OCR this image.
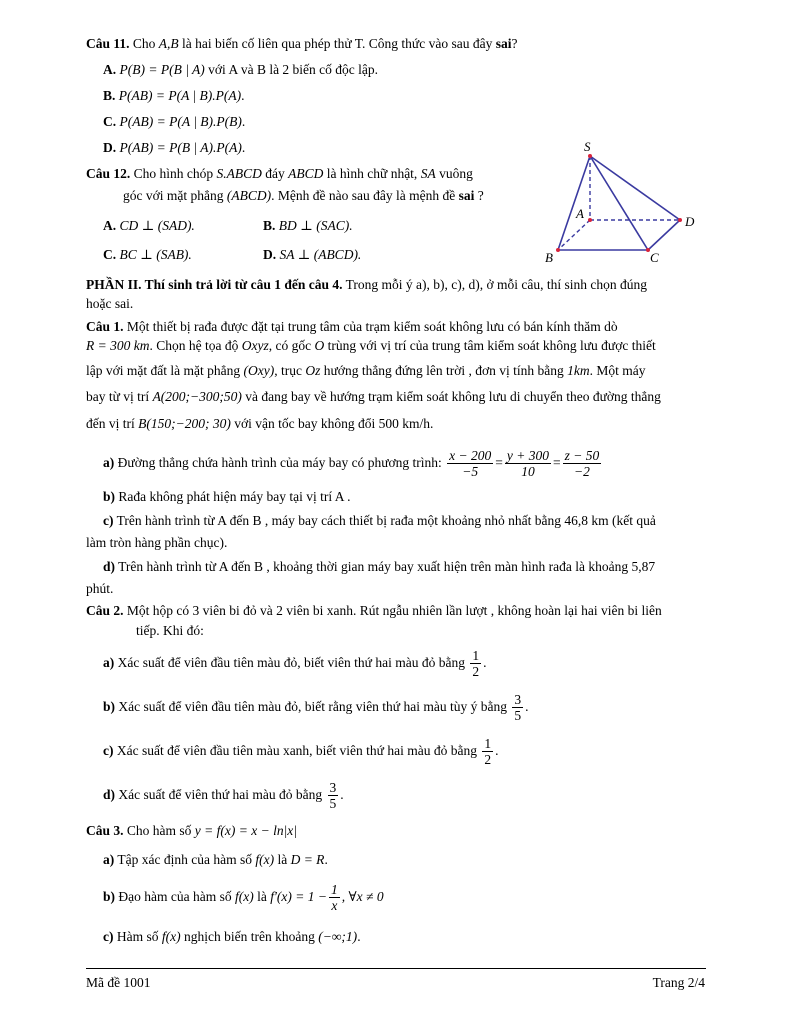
Câu 11. Cho A,B là hai biến cố liên qua phép thử T. Công thức vào sau đây sai?
A. P(B) = P(B | A) với A và B là 2 biến cố độc lập.
B. P(AB) = P(A | B).P(A).
C. P(AB) = P(A | B).P(B).
D. P(AB) = P(B | A).P(A).
Câu 12. Cho hình chóp S.ABCD đáy ABCD là hình chữ nhật, SA vuông
góc với mặt phẳng (ABCD). Mệnh đề nào sau đây là mệnh đề sai ?
A. CD ⊥ (SAD).	B. BD ⊥ (SAC).
C. BC ⊥ (SAB).	D. SA ⊥ (ABCD).
S
A
B	C
D
PHẦN II. Thí sinh trả lời từ câu 1 đến câu 4. Trong mỗi ý a), b), c), d), ở mỗi câu, thí sinh chọn đúng
hoặc sai.
Câu 1. Một thiết bị rađa được đặt tại trung tâm của trạm kiểm soát không lưu có bán kính thăm dò
R = 300 km. Chọn hệ tọa độ Oxyz, có gốc O trùng với vị trí của trung tâm kiểm soát không lưu được thiết
lập với mặt đất là mặt phẳng (Oxy), trục Oz hướng thẳng đứng lên trời , đơn vị tính bằng 1km. Một máy
bay từ vị trí A(200;−300;50) và đang bay về hướng trạm kiểm soát không lưu di chuyển theo đường thẳng
đến vị trí B(150;−200; 30) với vận tốc bay không đổi 500 km/h.
a) Đường thẳng chứa hành trình của máy bay có phương trình: $\frac{x - 200}{-5} = \frac{y + 300}{10} = \frac{z - 50}{-2}$
b) Rađa không phát hiện máy bay tại vị trí A .
c) Trên hành trình từ A đến B , máy bay cách thiết bị rađa một khoảng nhỏ nhất bằng 46,8 km (kết quả
làm tròn hàng phần chục).
d) Trên hành trình từ A đến B , khoảng thời gian máy bay xuất hiện trên màn hình rađa là khoảng 5,87
phút.
Câu 2. Một hộp có 3 viên bi đỏ và 2 viên bi xanh. Rút ngẫu nhiên lần lượt , không hoàn lại hai viên bi liên
tiếp. Khi đó:
a) Xác suất để viên đầu tiên màu đỏ, biết viên thứ hai màu đỏ bằng $\frac{1}{2}$ .
b) Xác suất để viên đầu tiên màu đỏ, biết rằng viên thứ hai màu tùy ý bằng $\frac{3}{5}$ .
c) Xác suất để viên đầu tiên màu xanh, biết viên thứ hai màu đỏ bằng $\frac{1}{2}$ .
d) Xác suất để viên thứ hai màu đỏ bằng $\frac{3}{5}$ .
Câu 3. Cho hàm số y = f(x) = x − ln|x|
a) Tập xác định của hàm số f(x) là D = R.
b) Đạo hàm của hàm số f(x) là $f'(x) = 1 - \frac{1}{x}$ , ∀x ≠ 0
c) Hàm số f(x) nghịch biến trên khoảng (−∞;1).
Mã đề 1001	Trang 2/4
